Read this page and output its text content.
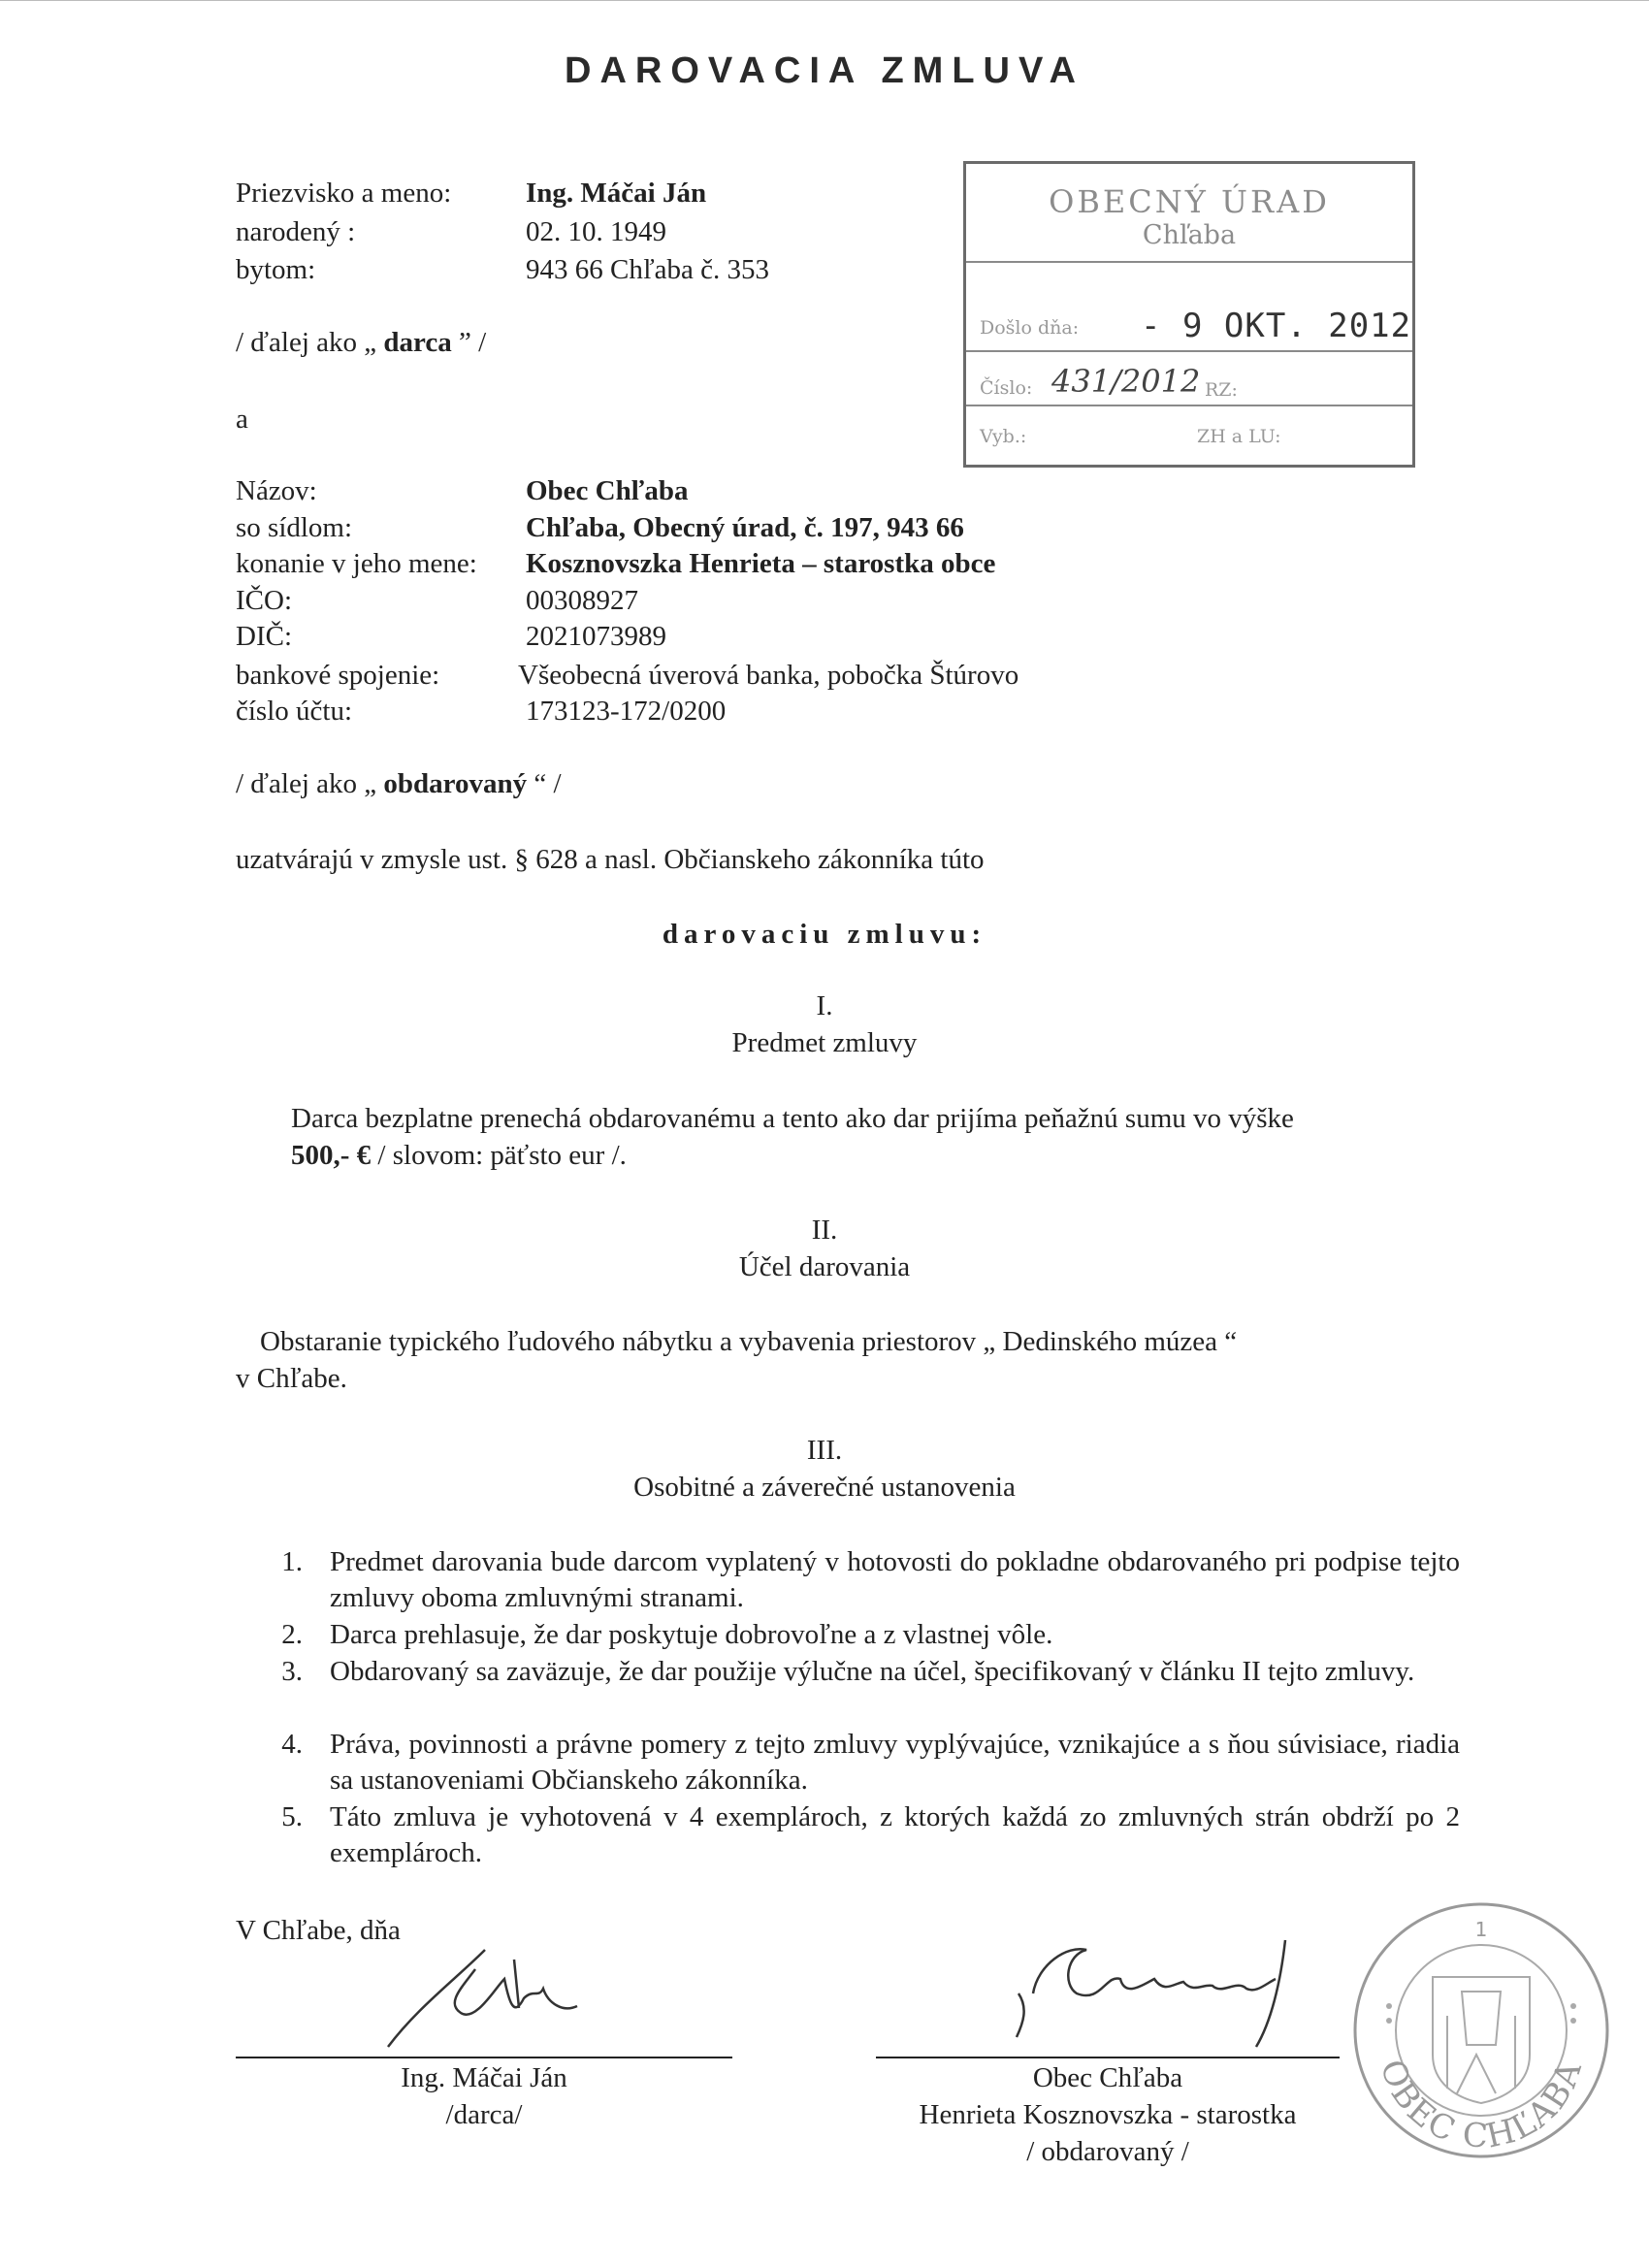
DAROVACIA ZMLUVA
Priezvisko a meno:	Ing. Máčai Ján
narodený :	02. 10. 1949
bytom:	943 66 Chľaba č. 353
/ ďalej ako „ darca ” /
a
OBECNÝ ÚRAD
Chľaba
Došlo dňa: - 9 OKT. 2012
Číslo: 431/2012 RZ:
Vyb.:	ZH a LU:
Názov:	Obec Chľaba
so sídlom:	Chľaba, Obecný úrad, č. 197, 943 66
konanie v jeho mene: Kosznovszka Henrieta – starostka obce
IČO:	00308927
DIČ:	2021073989
bankové spojenie:	Všeobecná úverová banka, pobočka Štúrovo
číslo účtu:	173123-172/0200
/ ďalej ako „ obdarovaný “ /
uzatvárajú v zmysle ust. § 628 a nasl. Občianskeho zákonníka túto
darovaciu zmluvu:
I.
Predmet zmluvy
Darca bezplatne prenechá obdarovanému a tento ako dar prijíma peňažnú sumu vo výške
500,- € / slovom: päťsto eur /.
II.
Účel darovania
Obstaranie typického ľudového nábytku a vybavenia priestorov „ Dedinského múzea “
v Chľabe.
III.
Osobitné a záverečné ustanovenia
1. Predmet darovania bude darcom vyplatený v hotovosti do pokladne obdarovaného pri podpise tejto zmluvy oboma zmluvnými stranami.
2. Darca prehlasuje, že dar poskytuje dobrovoľne a z vlastnej vôle.
3. Obdarovaný sa zaväzuje, že dar použije výlučne na účel, špecifikovaný v článku II tejto zmluvy.
4. Práva, povinnosti a právne pomery z tejto zmluvy vyplývajúce, vznikajúce a s ňou súvisiace, riadia sa ustanoveniami Občianskeho zákonníka.
5. Táto zmluva je vyhotovená v 4 exemplároch, z ktorých každá zo zmluvných strán obdrží po 2 exemplároch.
V Chľabe, dňa
Ing. Máčai Ján
/darca/
Obec Chľaba
Henrieta Kosznovszka - starostka
/ obdarovaný /
OBEC CHĽABA
1
